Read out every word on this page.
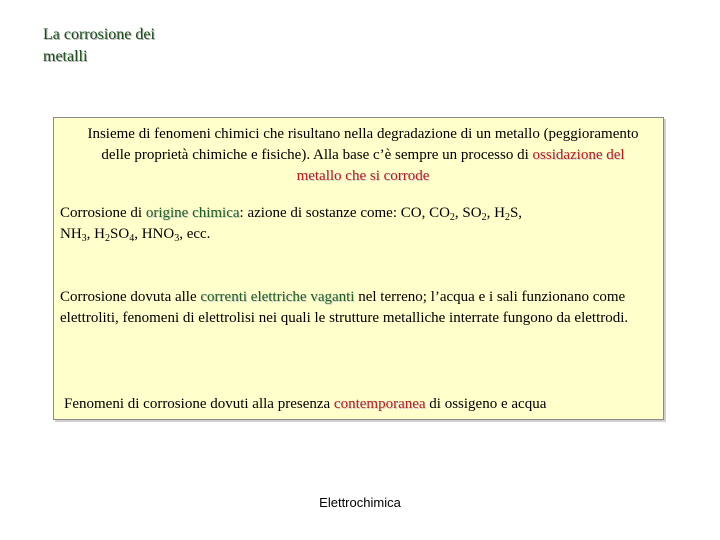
La corrosione dei
metalli
Insieme di fenomeni chimici che risultano nella degradazione di un metallo (peggioramento delle proprietà chimiche e fisiche). Alla base c’è sempre un processo di ossidazione del metallo che si corrode
Corrosione di origine chimica: azione di sostanze come: CO, $CO_2$, $SO_2$, $H_2S$,
$NH_3$, $H_2SO_4$, $HNO_3$, ecc.
Corrosione dovuta alle correnti elettriche vaganti nel terreno; l’acqua e i sali funzionano come elettroliti, fenomeni di elettrolisi nei quali le strutture metalliche interrate fungono da elettrodi.
Fenomeni di corrosione dovuti alla presenza contemporanea di ossigeno e acqua
Elettrochimica
